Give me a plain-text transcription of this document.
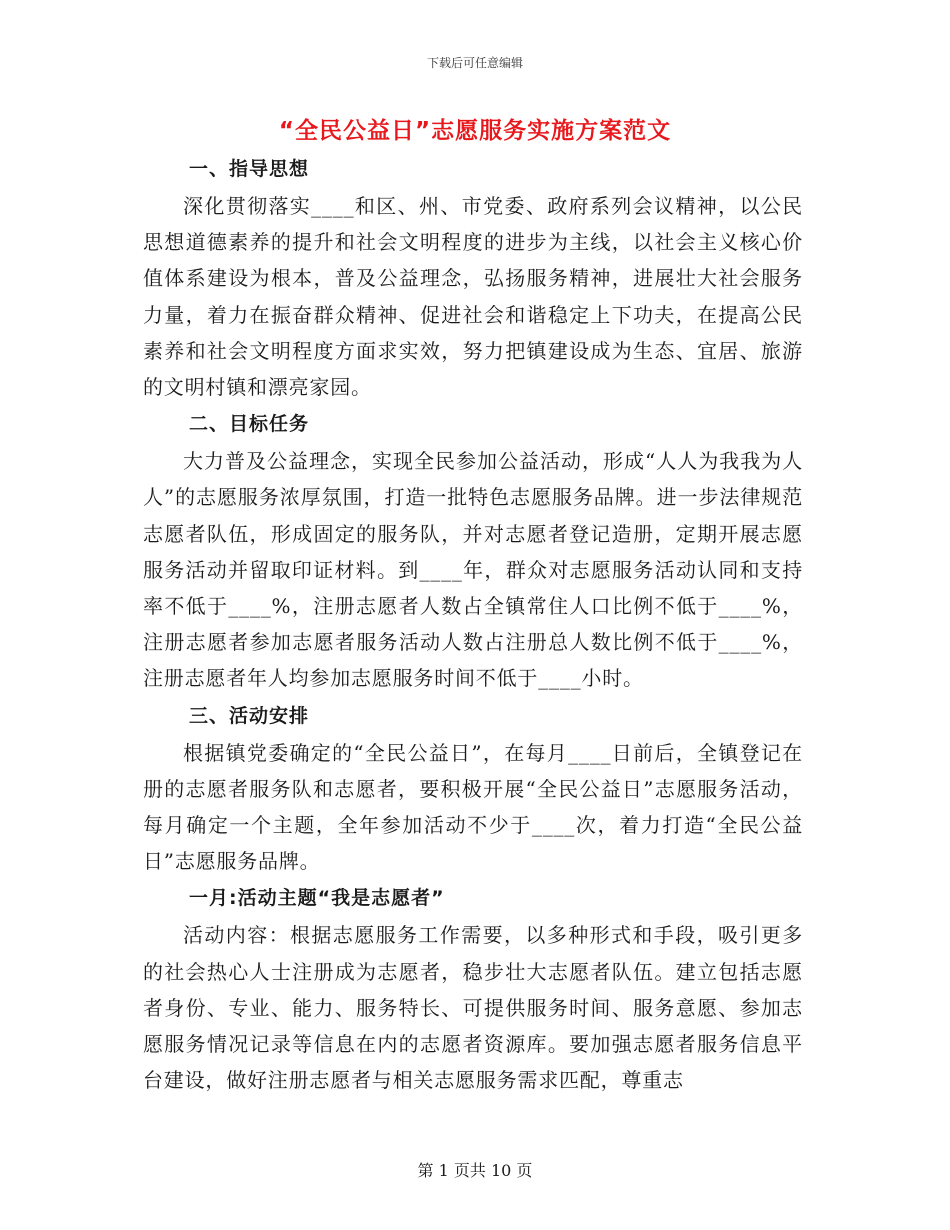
下载后可任意编辑
“全民公益日”志愿服务实施方案范文
一、指导思想

深化贯彻落实____和区、州、市党委、政府系列会议精神，以公民思想道德素养的提升和社会文明程度的进步为主线，以社会主义核心价值体系建设为根本，普及公益理念，弘扬服务精神，进展壮大社会服务力量，着力在振奋群众精神、促进社会和谐稳定上下功夫，在提高公民素养和社会文明程度方面求实效，努力把镇建设成为生态、宜居、旅游的文明村镇和漂亮家园。

二、目标任务

大力普及公益理念，实现全民参加公益活动，形成“人人为我我为人人”的志愿服务浓厚氛围，打造一批特色志愿服务品牌。进一步法律规范志愿者队伍，形成固定的服务队，并对志愿者登记造册，定期开展志愿服务活动并留取印证材料。到____年，群众对志愿服务活动认同和支持率不低于____%，注册志愿者人数占全镇常住人口比例不低于____%，注册志愿者参加志愿者服务活动人数占注册总人数比例不低于____%，注册志愿者年人均参加志愿服务时间不低于____小时。

三、活动安排

根据镇党委确定的“全民公益日”，在每月____日前后，全镇登记在册的志愿者服务队和志愿者，要积极开展“全民公益日”志愿服务活动，每月确定一个主题，全年参加活动不少于____次，着力打造“全民公益日”志愿服务品牌。

一月:活动主题“我是志愿者”

活动内容：根据志愿服务工作需要，以多种形式和手段，吸引更多的社会热心人士注册成为志愿者，稳步壮大志愿者队伍。建立包括志愿者身份、专业、能力、服务特长、可提供服务时间、服务意愿、参加志愿服务情况记录等信息在内的志愿者资源库。要加强志愿者服务信息平台建设，做好注册志愿者与相关志愿服务需求匹配，尊重志

第 1 页共 10 页
